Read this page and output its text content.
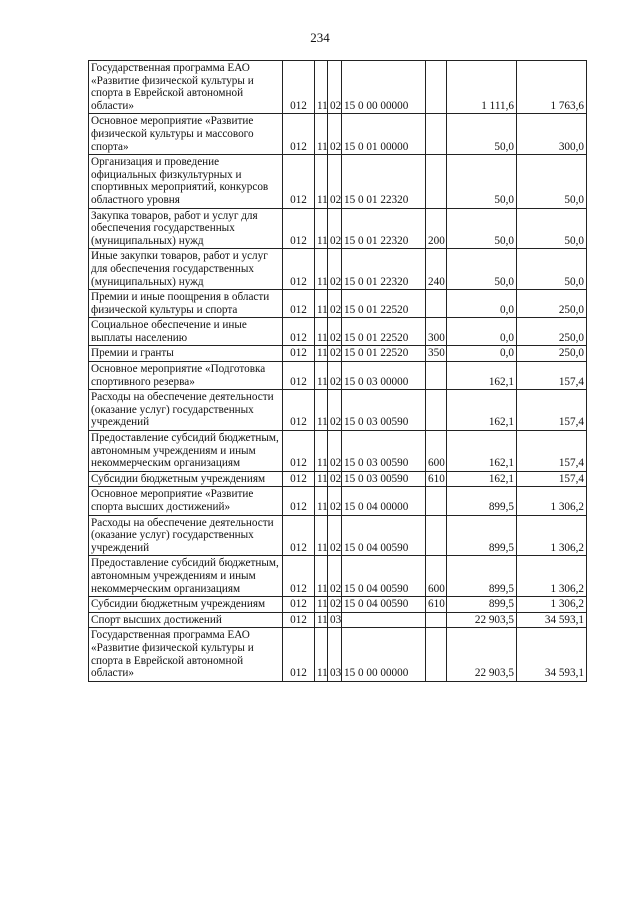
234
Государственная программа ЕАО «Развитие физической культуры и спорта в Еврейской автономной области»	012	11	02	15 0 00 00000		1 111,6	1 763,6
Основное мероприятие «Развитие физической культуры и массового спорта»	012	11	02	15 0 01 00000		50,0	300,0
Организация и проведение официальных физкультурных и спортивных мероприятий, конкурсов областного уровня	012	11	02	15 0 01 22320		50,0	50,0
Закупка товаров, работ и услуг для обеспечения государственных (муниципальных) нужд	012	11	02	15 0 01 22320	200	50,0	50,0
Иные закупки товаров, работ и услуг для обеспечения государственных (муниципальных) нужд	012	11	02	15 0 01 22320	240	50,0	50,0
Премии и иные поощрения в области физической культуры и спорта	012	11	02	15 0 01 22520		0,0	250,0
Социальное обеспечение и иные выплаты населению	012	11	02	15 0 01 22520	300	0,0	250,0
Премии и гранты	012	11	02	15 0 01 22520	350	0,0	250,0
Основное мероприятие «Подготовка спортивного резерва»	012	11	02	15 0 03 00000		162,1	157,4
Расходы на обеспечение деятельности (оказание услуг) государственных учреждений	012	11	02	15 0 03 00590		162,1	157,4
Предоставление субсидий бюджетным, автономным учреждениям и иным некоммерческим организациям	012	11	02	15 0 03 00590	600	162,1	157,4
Субсидии бюджетным учреждениям	012	11	02	15 0 03 00590	610	162,1	157,4
Основное мероприятие «Развитие спорта высших достижений»	012	11	02	15 0 04 00000		899,5	1 306,2
Расходы на обеспечение деятельности (оказание услуг) государственных учреждений	012	11	02	15 0 04 00590		899,5	1 306,2
Предоставление субсидий бюджетным, автономным учреждениям и иным некоммерческим организациям	012	11	02	15 0 04 00590	600	899,5	1 306,2
Субсидии бюджетным учреждениям	012	11	02	15 0 04 00590	610	899,5	1 306,2
Спорт высших достижений	012	11	03			22 903,5	34 593,1
Государственная программа ЕАО «Развитие физической культуры и спорта в Еврейской автономной области»	012	11	03	15 0 00 00000		22 903,5	34 593,1
